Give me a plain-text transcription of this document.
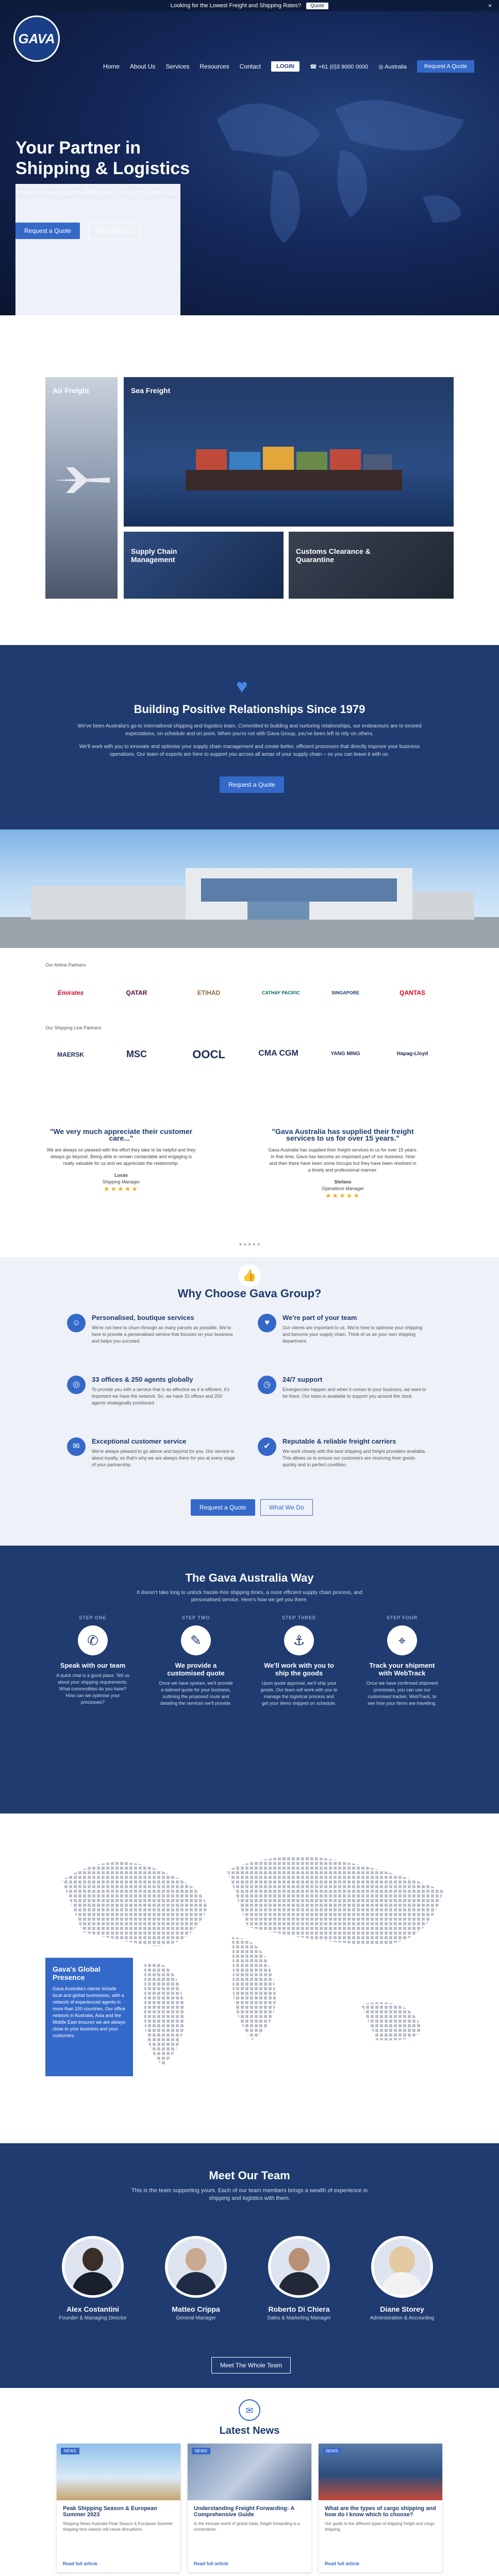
Looking for the Lowest Freight and Shipping Rates?	Quote	×
GAVA
Home About Us Services Resources Contact	LOGIN	☎ +61 (0)3 9000 0000 ◎ Australia	Request A Quote
Your Partner in
Shipping & Logistics

We're your logistics team. Rely on us for efficient and effective shipping with instant support for your supply chain.

Request a Quote	What We Do
Air Freight	Sea Freight
Supply Chain Management
Customs Clearance & Quarantine
♥
Building Positive Relationships Since 1979

We've been Australia's go-to international shipping and logistics team. Committed to building and nurturing relationships, our endeavours are to exceed expectations, on schedule and on point. When you're not with Gava Group, you've been left to rely on others.

We'll work with you to innovate and optimise your supply chain management and create better, efficient processes that directly improve your business operations. Our team of experts are here to support you across all areas of your supply chain – so you can leave it with us.

Request a Quote
Our Airline Partners
Emirates	QATAR	ETIHAD	CATHAY PACIFIC	SINGAPORE	QANTAS
Our Shipping Line Partners
MAERSK	MSC	OOCL	CMA CGM	YANG MING	Hapag-Lloyd
"We very much appreciate their customer care..."

We are always so pleased with the effort they take to be helpful and they always go beyond. Being able to remain contactable and engaging is really valuable for us and we appreciate the relationship.

Lucas

Shipping Manager

★★★★★
"Gava Australia has supplied their freight services to us for over 15 years."

Gava Australia has supplied their freight services to us for over 15 years. In that time, Gava has become an important part of our business. Now and then there have been some hiccups but they have been resolved in a timely and professional manner.

Stefano

Operations Manager

★★★★★
● ● ● ● ●
👍
Why Choose Gava Group?
☺
Personalised, boutique services

We're not here to churn through as many parcels as possible. We're here to provide a personalised service that focuses on your business and helps you succeed.

♥
We're part of your team

Our clients are important to us. We're here to optimise your shipping and become your supply chain. Think of us as your own shipping department.

◎
33 offices & 250 agents globally

To provide you with a service that is as effective as it is efficient, it's important we have the network. So, we have 33 offices and 250 agents strategically positioned.

◷
24/7 support

Emergencies happen and when it comes to your business, we want to be there. Our team is available to support you around the clock.

✉
Exceptional customer service

We're always pleased to go above and beyond for you. Our service is about loyalty, so that's why we are always there for you at every stage of your partnership.

✔
Reputable & reliable freight carriers

We work closely with the best shipping and freight providers available. This allows us to ensure our customers are receiving their goods quickly and in perfect condition.

Request a Quote	What We Do
The Gava Australia Way

It doesn't take long to unlock hassle-free shipping times, a more efficient supply chain process, and personalised service. Here's how we get you there.

STEP ONE
✆
Speak with our team

A quick chat is a good place. Tell us about your shipping requirements. What commodities do you have? How can we optimise your processes?

STEP TWO
✎
We provide a customised quote

Once we have spoken, we'll provide a tailored quote for your business, outlining the proposed route and detailing the services we'll provide.

STEP THREE
⚓
We'll work with you to ship the goods

Upon quote approval, we'll ship your goods. Our team will work with you to manage the logistical process and get your items shipped on schedule.

STEP FOUR
⌖
Track your shipment with WebTrack

Once we have confirmed shipment processes, you can use our customised tracker, WebTrack, to see how your items are travelling.

Gava's Global Presence

Gava Australia's clients include local and global businesses, with a network of experienced agents in more than 100 countries. Our office network in Australia, Asia and the Middle East ensures we are always close to your business and your customers.

Meet Our Team

This is the team supporting yours. Each of our team members brings a wealth of experience in shipping and logistics with them.

Alex Costantini

Founder & Managing Director

Matteo Crippa

General Manager

Roberto Di Chiera

Sales & Marketing Manager

Diane Storey

Administration & Accounting

Meet The Whole Team
✉
Latest News
NEWS
Peak Shipping Season & European Summer 2023

Shipping News Australia Peak Season & European Summer shipping time season will cause disruptions.

Read full article
NEWS
Understanding Freight Forwarding: A Comprehensive Guide

In the intricate world of global trade, freight forwarding is a cornerstone.

Read full article
NEWS
What are the types of cargo shipping and how do I know which to choose?

Our guide to the different types of shipping freight and cargo shipping.

Read full article
